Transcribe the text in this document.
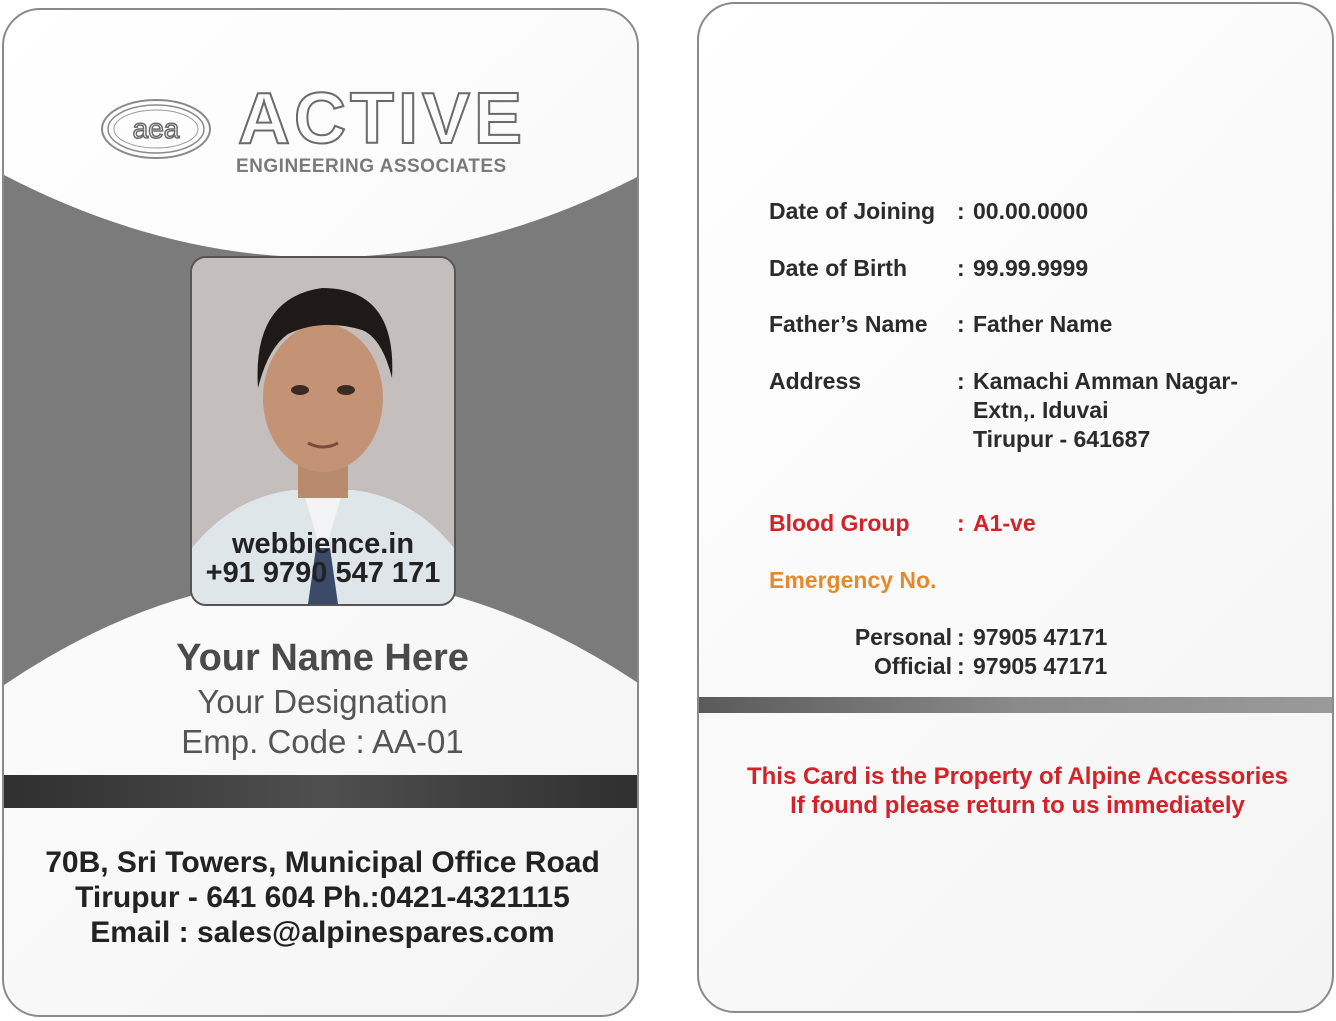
aea ACTIVE
ENGINEERING ASSOCIATES
webbience.in
+91 9790 547 171
Your Name Here
Your Designation
Emp. Code : AA-01
70B, Sri Towers, Municipal Office Road
Tirupur - 641 604 Ph.:0421-4321115
Email : sales@alpinespares.com
Date of Joining : 00.00.0000
Date of Birth : 99.99.9999
Father’s Name : Father Name
Address	: Kamachi Amman Nagar-
Extn,. Iduvai
Tirupur - 641687
Blood Group : A1-ve
Emergency No.
Personal : 97905 47171
Official : 97905 47171
This Card is the Property of Alpine Accessories
If found please return to us immediately
